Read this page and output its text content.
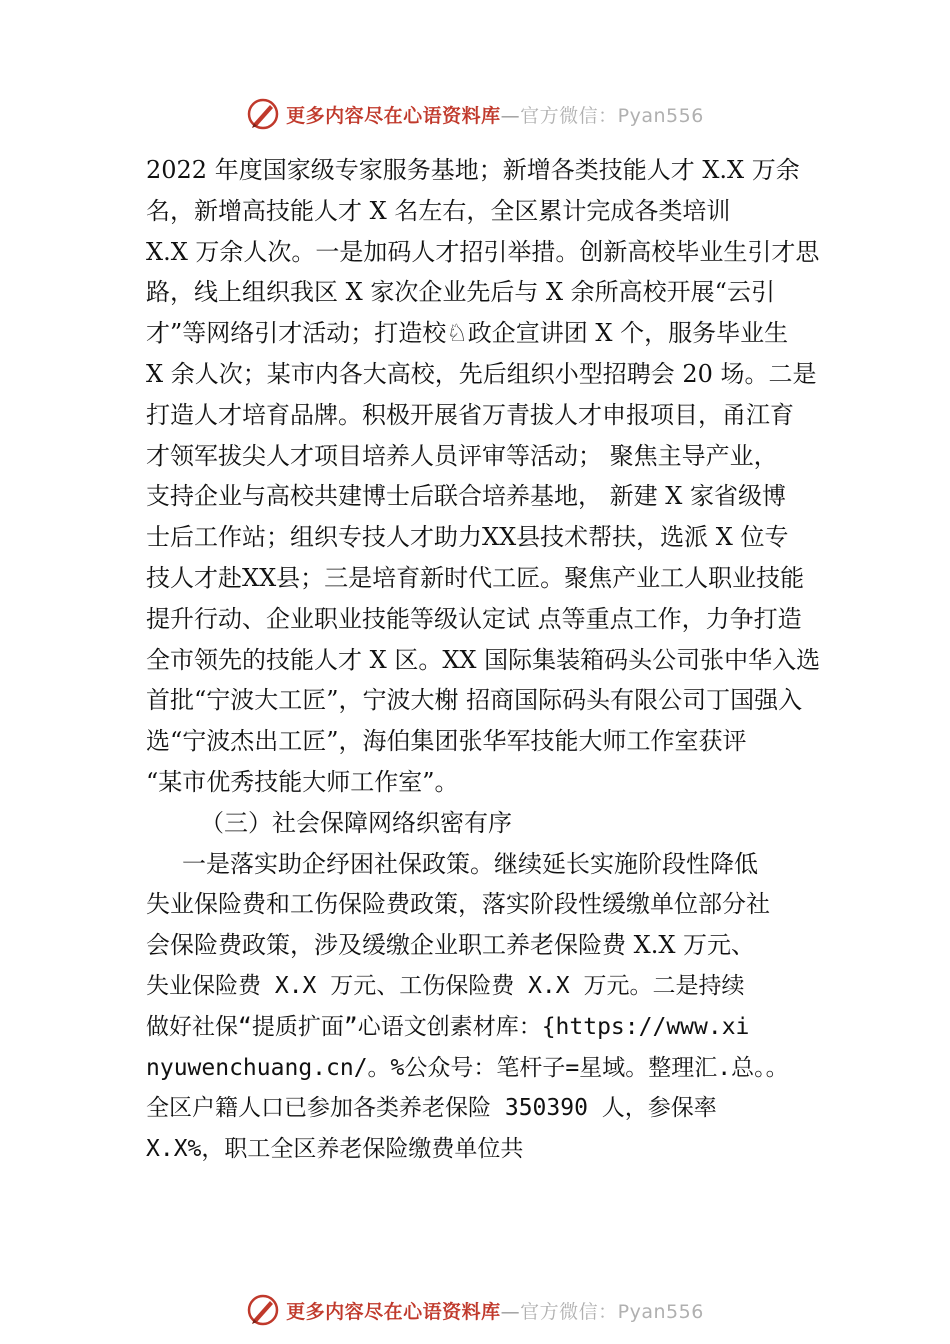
更多内容尽在心语资料库—官方微信：Pyan556
2022 年度国家级专家服务基地；新增各类技能人才 X.X 万余
名，新增高技能人才 X 名左右，全区累计完成各类培训
X.X 万余人次。一是加码人才招引举措。创新高校毕业生引才思
路，线上组织我区 X 家次企业先后与 X 余所高校开展“云引
才”等网络引才活动；打造校♘政企宣讲团 X 个，服务毕业生
X 余人次；某市内各大高校，先后组织小型招聘会 20 场。二是
打造人才培育品牌。积极开展省万青拔人才申报项目，甬江育
才领军拔尖人才项目培养人员评审等活动； 聚焦主导产业，
支持企业与高校共建博士后联合培养基地， 新建 X 家省级博
士后工作站；组织专技人才助力XX县技术帮扶，选派 X 位专
技人才赴XX县；三是培育新时代工匠。聚焦产业工人职业技能
提升行动、企业职业技能等级认定试 点等重点工作，力争打造
全市领先的技能人才 X 区。XX 国际集装箱码头公司张中华入选
首批“宁波大工匠”，宁波大榭 招商国际码头有限公司丁国强入
选“宁波杰出工匠”，海伯集团张华军技能大师工作室获评
“某市优秀技能大师工作室”。
（三）社会保障网络织密有序
一是落实助企纾困社保政策。继续延长实施阶段性降低
失业保险费和工伤保险费政策，落实阶段性缓缴单位部分社
会保险费政策，涉及缓缴企业职工养老保险费 X.X 万元、
失业保险费 X.X 万元、工伤保险费 X.X 万元。二是持续
做好社保“提质扩面”心语文创素材库：{https://www.xi
nyuwenchuang.cn/。%公众号：笔杆子=星域。整理汇.总。。
全区户籍人口已参加各类养老保险 350390 人，参保率
X.X%，职工全区养老保险缴费单位共
更多内容尽在心语资料库—官方微信：Pyan556
